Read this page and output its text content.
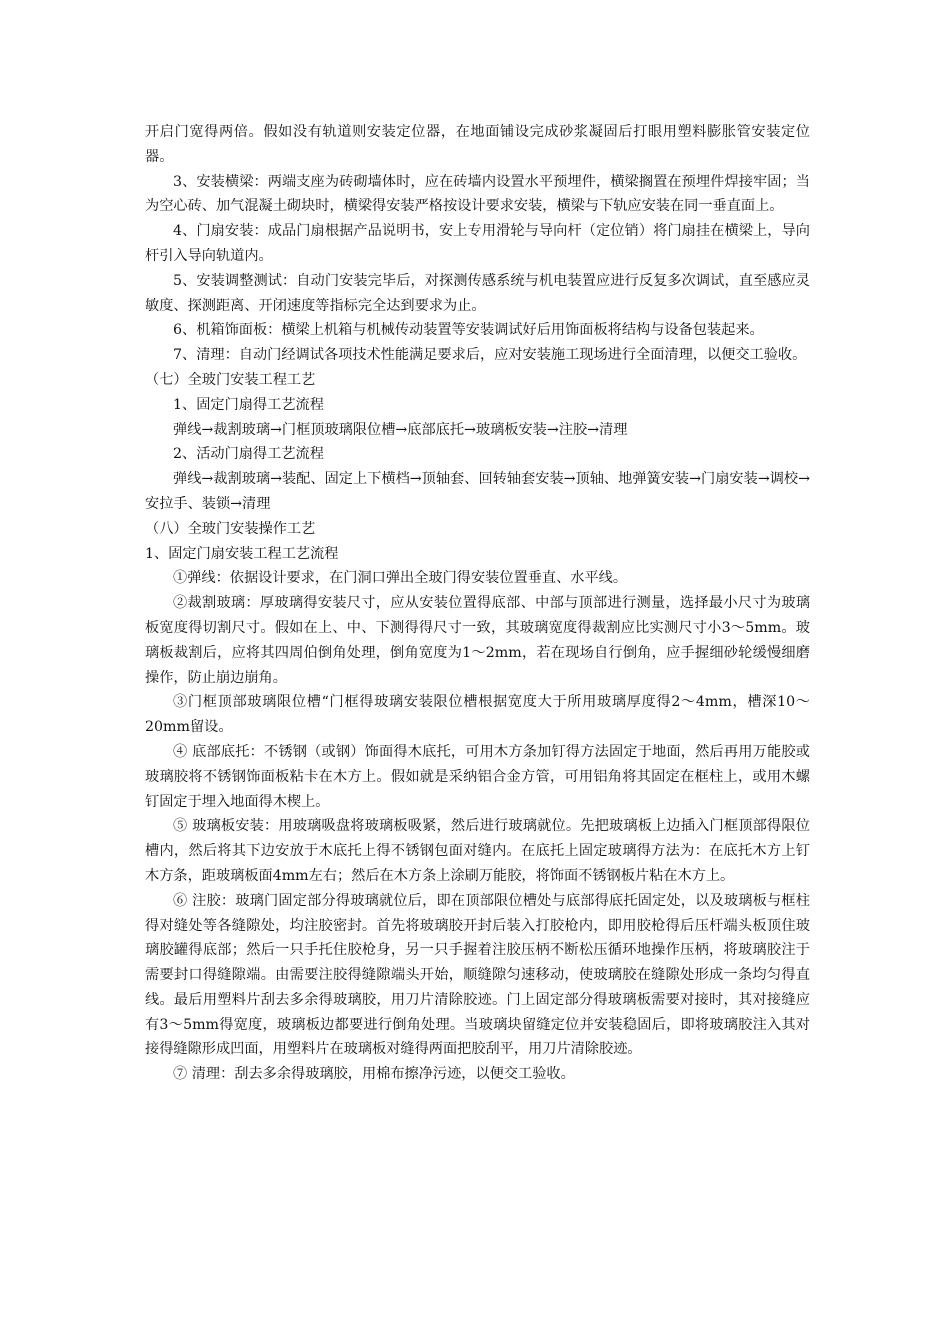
开启门宽得两倍。假如没有轨道则安装定位器，在地面铺设完成砂浆凝固后打眼用塑料膨胀管安装定位器。

3、安装横梁：两端支座为砖砌墙体时，应在砖墙内设置水平预埋件，横梁搁置在预埋件焊接牢固；当为空心砖、加气混凝土砌块时，横梁得安装严格按设计要求安装，横梁与下轨应安装在同一垂直面上。

4、门扇安装：成品门扇根据产品说明书，安上专用滑轮与导向杆（定位销）将门扇挂在横梁上，导向杆引入导向轨道内。

5、安装调整测试：自动门安装完毕后，对探测传感系统与机电装置应进行反复多次调试，直至感应灵敏度、探测距离、开闭速度等指标完全达到要求为止。

6、机箱饰面板：横梁上机箱与机械传动装置等安装调试好后用饰面板将结构与设备包装起来。

7、清理：自动门经调试各项技术性能满足要求后，应对安装施工现场进行全面清理，以便交工验收。

（七）全玻门安装工程工艺

1、固定门扇得工艺流程

弹线→裁割玻璃→门框顶玻璃限位槽→底部底托→玻璃板安装→注胶→清理

2、活动门扇得工艺流程

弹线→裁割玻璃→装配、固定上下横档→顶轴套、回转轴套安装→顶轴、地弹簧安装→门扇安装→调校→安拉手、装锁→清理

（八）全玻门安装操作工艺

1、固定门扇安装工程工艺流程

①弹线：依据设计要求，在门洞口弹出全玻门得安装位置垂直、水平线。

②裁割玻璃：厚玻璃得安装尺寸，应从安装位置得底部、中部与顶部进行测量，选择最小尺寸为玻璃板宽度得切割尺寸。假如在上、中、下测得得尺寸一致，其玻璃宽度得裁割应比实测尺寸小3～5mm。玻璃板裁割后，应将其四周伯倒角处理，倒角宽度为1～2mm，若在现场自行倒角，应手握细砂轮缓慢细磨操作，防止崩边崩角。

③门框顶部玻璃限位槽“门框得玻璃安装限位槽根据宽度大于所用玻璃厚度得2～4mm，槽深10～20mm留设。

④ 底部底托：不锈钢（或钢）饰面得木底托，可用木方条加钉得方法固定于地面，然后再用万能胶或玻璃胶将不锈钢饰面板粘卡在木方上。假如就是采纳铝合金方管，可用铝角将其固定在框柱上，或用木螺钉固定于埋入地面得木楔上。

⑤ 玻璃板安装：用玻璃吸盘将玻璃板吸紧，然后进行玻璃就位。先把玻璃板上边插入门框顶部得限位槽内，然后将其下边安放于木底托上得不锈钢包面对缝内。在底托上固定玻璃得方法为：在底托木方上钉木方条，距玻璃板面4mm左右；然后在木方条上涂刷万能胶，将饰面不锈钢板片粘在木方上。

⑥ 注胶：玻璃门固定部分得玻璃就位后，即在顶部限位槽处与底部得底托固定处，以及玻璃板与框柱得对缝处等各缝隙处，均注胶密封。首先将玻璃胶开封后装入打胶枪内，即用胶枪得后压杆端头板顶住玻璃胶罐得底部；然后一只手托住胶枪身，另一只手握着注胶压柄不断松压循环地操作压柄，将玻璃胶注于需要封口得缝隙端。由需要注胶得缝隙端头开始，顺缝隙匀速移动，使玻璃胶在缝隙处形成一条均匀得直线。最后用塑料片刮去多余得玻璃胶，用刀片清除胶迹。门上固定部分得玻璃板需要对接时，其对接缝应有3～5mm得宽度，玻璃板边都要进行倒角处理。当玻璃块留缝定位并安装稳固后，即将玻璃胶注入其对接得缝隙形成凹面，用塑料片在玻璃板对缝得两面把胶刮平，用刀片清除胶迹。

⑦ 清理：刮去多余得玻璃胶，用棉布擦净污迹，以便交工验收。
